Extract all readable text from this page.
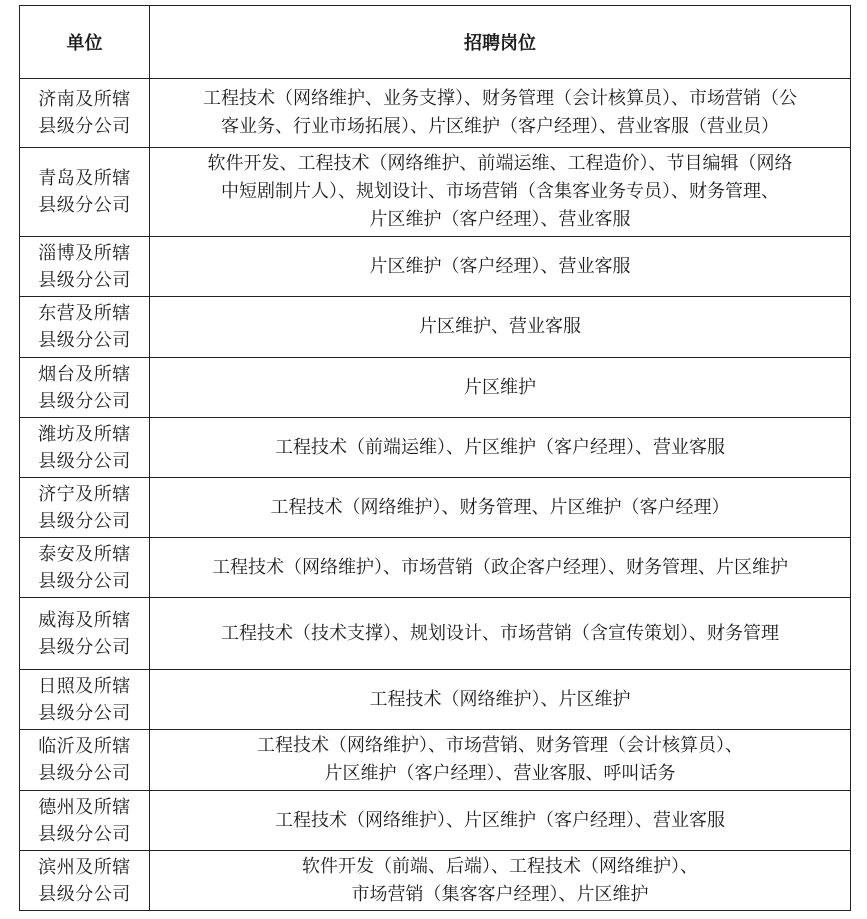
单位	招聘岗位

济南及所辖
县级分公司	工程技术（网络维护、业务支撑）、财务管理（会计核算员）、市场营销（公
客业务、行业市场拓展）、片区维护（客户经理）、营业客服（营业员）

青岛及所辖
县级分公司	软件开发、工程技术（网络维护、前端运维、工程造价）、节目编辑（网络
中短剧制片人）、规划设计、市场营销（含集客业务专员）、财务管理、
片区维护（客户经理）、营业客服

淄博及所辖
县级分公司	片区维护（客户经理）、营业客服

东营及所辖
县级分公司	片区维护、营业客服

烟台及所辖
县级分公司	片区维护

潍坊及所辖
县级分公司	工程技术（前端运维）、片区维护（客户经理）、营业客服

济宁及所辖
县级分公司	工程技术（网络维护）、财务管理、片区维护（客户经理）

泰安及所辖
县级分公司	工程技术（网络维护）、市场营销（政企客户经理）、财务管理、片区维护

威海及所辖
县级分公司	工程技术（技术支撑）、规划设计、市场营销（含宣传策划）、财务管理

日照及所辖
县级分公司	工程技术（网络维护）、片区维护

临沂及所辖
县级分公司	工程技术（网络维护）、市场营销、财务管理（会计核算员）、
片区维护（客户经理）、营业客服、呼叫话务

德州及所辖
县级分公司	工程技术（网络维护）、片区维护（客户经理）、营业客服

滨州及所辖
县级分公司	软件开发（前端、后端）、工程技术（网络维护）、
市场营销（集客客户经理）、片区维护
